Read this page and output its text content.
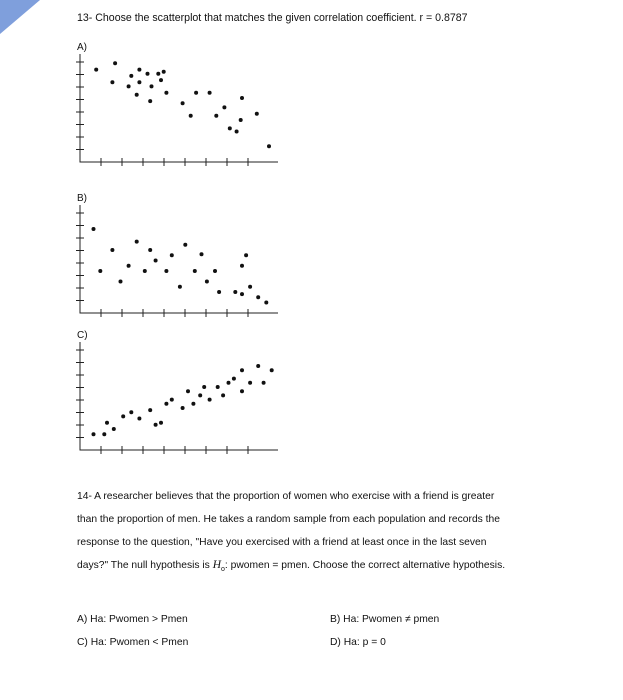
13- Choose the scatterplot that matches the given correlation coefficient. r = 0.8787
A)
B)
C)
14- A researcher believes that the proportion of women who exercise with a friend is greater
than the proportion of men. He takes a random sample from each population and records the
response to the question, "Have you exercised with a friend at least once in the last seven
days?" The null hypothesis is $H_o$: pwomen = pmen. Choose the correct alternative hypothesis.
A) Ha: Pwomen > Pmen	B) Ha: Pwomen ≠ pmen
C) Ha: Pwomen < Pmen	D) Ha: p = 0
